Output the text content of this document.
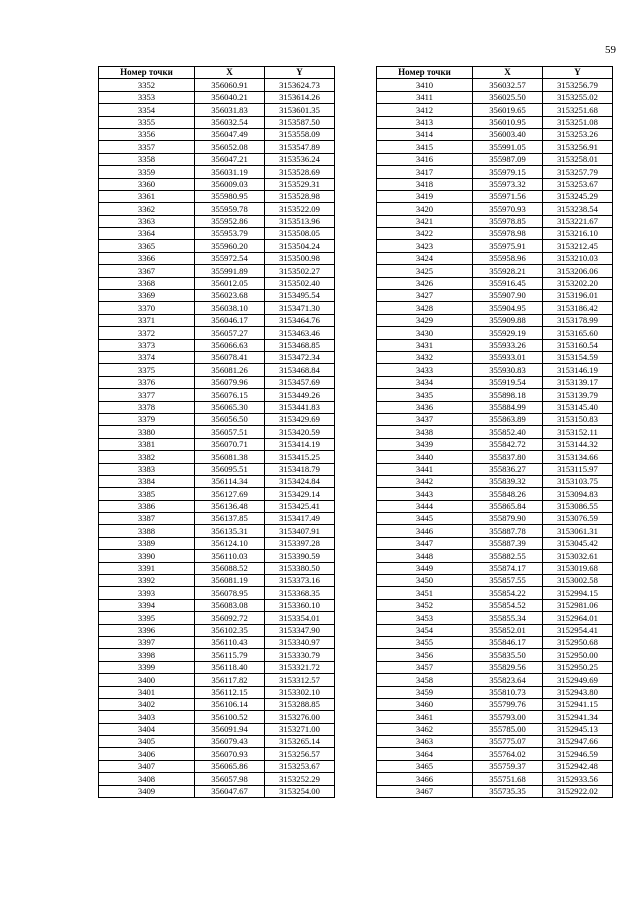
59
Номер точки	X	Y
3352	356060.91	3153624.73
3353	356040.21	3153614.26
3354	356031.83	3153601.35
3355	356032.54	3153587.50
3356	356047.49	3153558.09
3357	356052.08	3153547.89
3358	356047.21	3153536.24
3359	356031.19	3153528.69
3360	356009.03	3153529.31
3361	355980.95	3153528.98
3362	355959.78	3153522.09
3363	355952.86	3153513.96
3364	355953.79	3153508.05
3365	355960.20	3153504.24
3366	355972.54	3153500.98
3367	355991.89	3153502.27
3368	356012.05	3153502.40
3369	356023.68	3153495.54
3370	356038.10	3153471.30
3371	356046.17	3153464.76
3372	356057.27	3153463.46
3373	356066.63	3153468.85
3374	356078.41	3153472.34
3375	356081.26	3153468.84
3376	356079.96	3153457.69
3377	356076.15	3153449.26
3378	356065.30	3153441.83
3379	356056.50	3153429.69
3380	356057.51	3153420.59
3381	356070.71	3153414.19
3382	356081.38	3153415.25
3383	356095.51	3153418.79
3384	356114.34	3153424.84
3385	356127.69	3153429.14
3386	356136.48	3153425.41
3387	356137.85	3153417.49
3388	356135.31	3153407.91
3389	356124.10	3153397.28
3390	356110.03	3153390.59
3391	356088.52	3153380.50
3392	356081.19	3153373.16
3393	356078.95	3153368.35
3394	356083.08	3153360.10
3395	356092.72	3153354.01
3396	356102.35	3153347.90
3397	356110.43	3153340.97
3398	356115.79	3153330.79
3399	356118.40	3153321.72
3400	356117.82	3153312.57
3401	356112.15	3153302.10
3402	356106.14	3153288.85
3403	356100.52	3153276.00
3404	356091.94	3153271.00
3405	356079.43	3153265.14
3406	356070.93	3153256.57
3407	356065.86	3153253.67
3408	356057.98	3153252.29
3409	356047.67	3153254.00
Номер точки	X	Y
3410	356032.57	3153256.79
3411	356025.50	3153255.02
3412	356019.65	3153251.68
3413	356010.95	3153251.08
3414	356003.40	3153253.26
3415	355991.05	3153256.91
3416	355987.09	3153258.01
3417	355979.15	3153257.79
3418	355973.32	3153253.67
3419	355971.56	3153245.29
3420	355970.93	3153238.54
3421	355978.85	3153221.67
3422	355978.98	3153216.10
3423	355975.91	3153212.45
3424	355958.96	3153210.03
3425	355928.21	3153206.06
3426	355916.45	3153202.20
3427	355907.90	3153196.01
3428	355904.95	3153186.42
3429	355909.88	3153178.99
3430	355929.19	3153165.60
3431	355933.26	3153160.54
3432	355933.01	3153154.59
3433	355930.83	3153146.19
3434	355919.54	3153139.17
3435	355898.18	3153139.79
3436	355884.99	3153145.40
3437	355863.89	3153150.83
3438	355852.40	3153152.11
3439	355842.72	3153144.32
3440	355837.80	3153134.66
3441	355836.27	3153115.97
3442	355839.32	3153103.75
3443	355848.26	3153094.83
3444	355865.84	3153086.55
3445	355879.90	3153076.59
3446	355887.78	3153061.31
3447	355887.39	3153045.42
3448	355882.55	3153032.61
3449	355874.17	3153019.68
3450	355857.55	3153002.58
3451	355854.22	3152994.15
3452	355854.52	3152981.06
3453	355855.34	3152964.01
3454	355852.01	3152954.41
3455	355846.17	3152950.68
3456	355835.50	3152950.00
3457	355829.56	3152950.25
3458	355823.64	3152949.69
3459	355810.73	3152943.80
3460	355799.76	3152941.15
3461	355793.00	3152941.34
3462	355785.00	3152945.13
3463	355775.07	3152947.66
3464	355764.02	3152946.59
3465	355759.37	3152942.48
3466	355751.68	3152933.56
3467	355735.35	3152922.02
